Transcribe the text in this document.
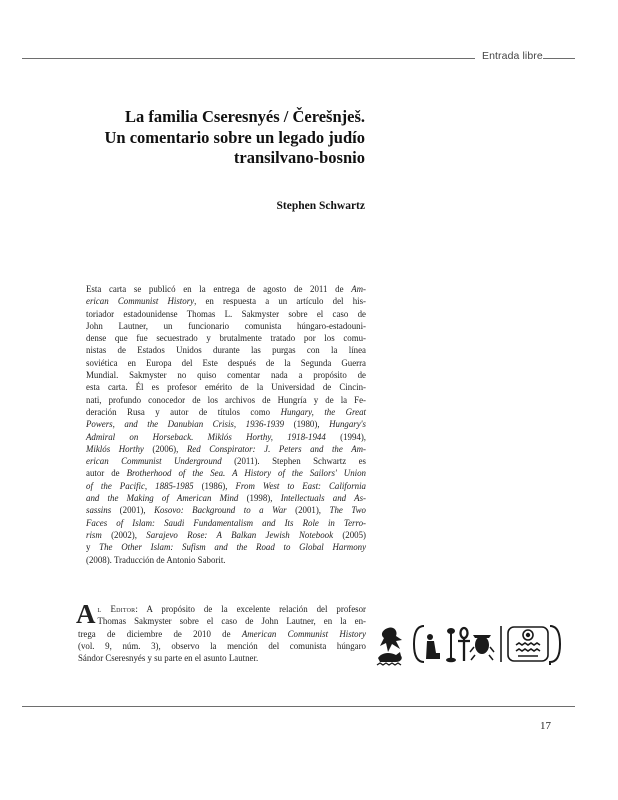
Entrada libre
La familia Cseresnyés / Čerešnješ.
Un comentario sobre un legado judío
transilvano-bosnio
Stephen Schwartz

Esta carta se publicó en la entrega de agosto de 2011 de Am-
erican Communist History, en respuesta a un artículo del his-
toriador estadounidense Thomas L. Sakmyster sobre el caso de
John Lautner, un funcionario comunista húngaro-estadouni-
dense que fue secuestrado y brutalmente tratado por los comu-
nistas de Estados Unidos durante las purgas con la línea
soviética en Europa del Este después de la Segunda Guerra
Mundial. Sakmyster no quiso comentar nada a propósito de
esta carta. Él es profesor emérito de la Universidad de Cincin-
nati, profundo conocedor de los archivos de Hungría y de la Fe-
deración Rusa y autor de títulos como Hungary, the Great
Powers, and the Danubian Crisis, 1936-1939 (1980), Hungary's
Admiral on Horseback. Miklós Horthy, 1918-1944 (1994),
Miklós Horthy (2006), Red Conspirator: J. Peters and the Am-
erican Communist Underground (2011). Stephen Schwartz es
autor de Brotherhood of the Sea. A History of the Sailors' Union
of the Pacific, 1885-1985 (1986), From West to East: California
and the Making of American Mind (1998), Intellectuals and As-
sassins (2001), Kosovo: Background to a War (2001), The Two
Faces of Islam: Saudi Fundamentalism and Its Role in Terro-
rism (2002), Sarajevo Rose: A Balkan Jewish Notebook (2005)
y The Other Islam: Sufism and the Road to Global Harmony
(2008). Traducción de Antonio Saborit.

Al Editor: A propósito de la excelente relación del profesor
Thomas Sakmyster sobre el caso de John Lautner, en la en-
trega de diciembre de 2010 de American Communist History
(vol. 9, núm. 3), observo la mención del comunista húngaro
Sándor Cseresnyés y su parte en el asunto Lautner.
17
